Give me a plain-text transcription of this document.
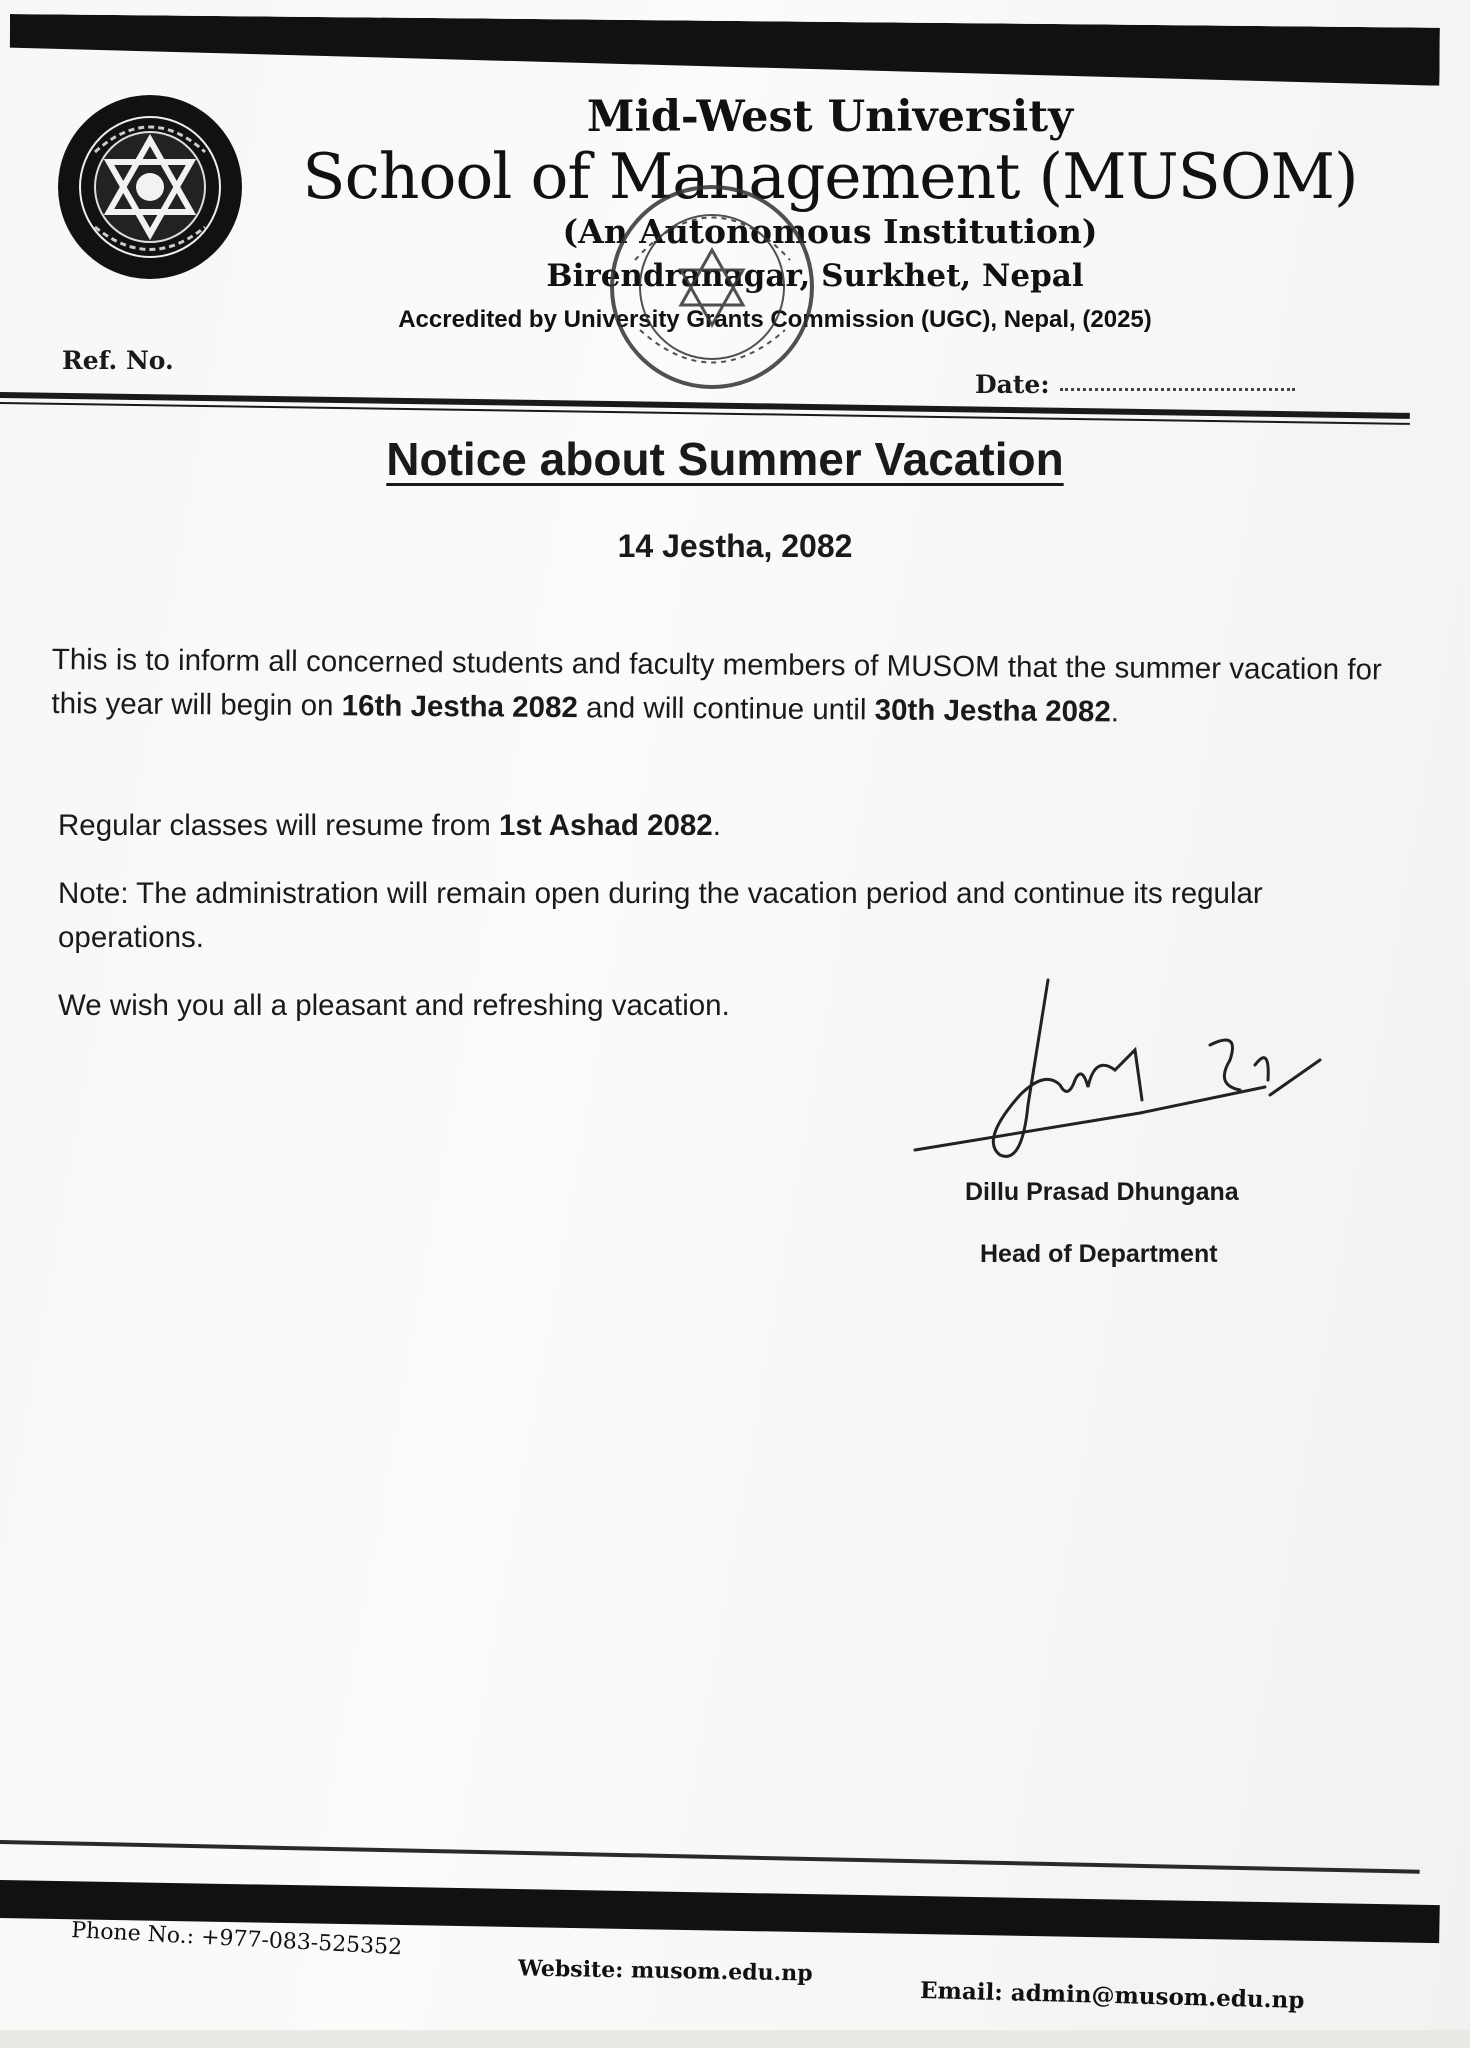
Mid-West University
School of Management (MUSOM)
(An Autonomous Institution)
Birendranagar, Surkhet, Nepal
Accredited by University Grants Commission (UGC), Nepal, (2025)
Ref. No.
Date:
Notice about Summer Vacation
14 Jestha, 2082
This is to inform all concerned students and faculty members of MUSOM that the summer vacation for this year will begin on 16th Jestha 2082 and will continue until 30th Jestha 2082.
Regular classes will resume from 1st Ashad 2082.
Note: The administration will remain open during the vacation period and continue its regular operations.
We wish you all a pleasant and refreshing vacation.
Dillu Prasad Dhungana
Head of Department
Phone No.: +977-083-525352
Website: musom.edu.np
Email: admin@musom.edu.np
